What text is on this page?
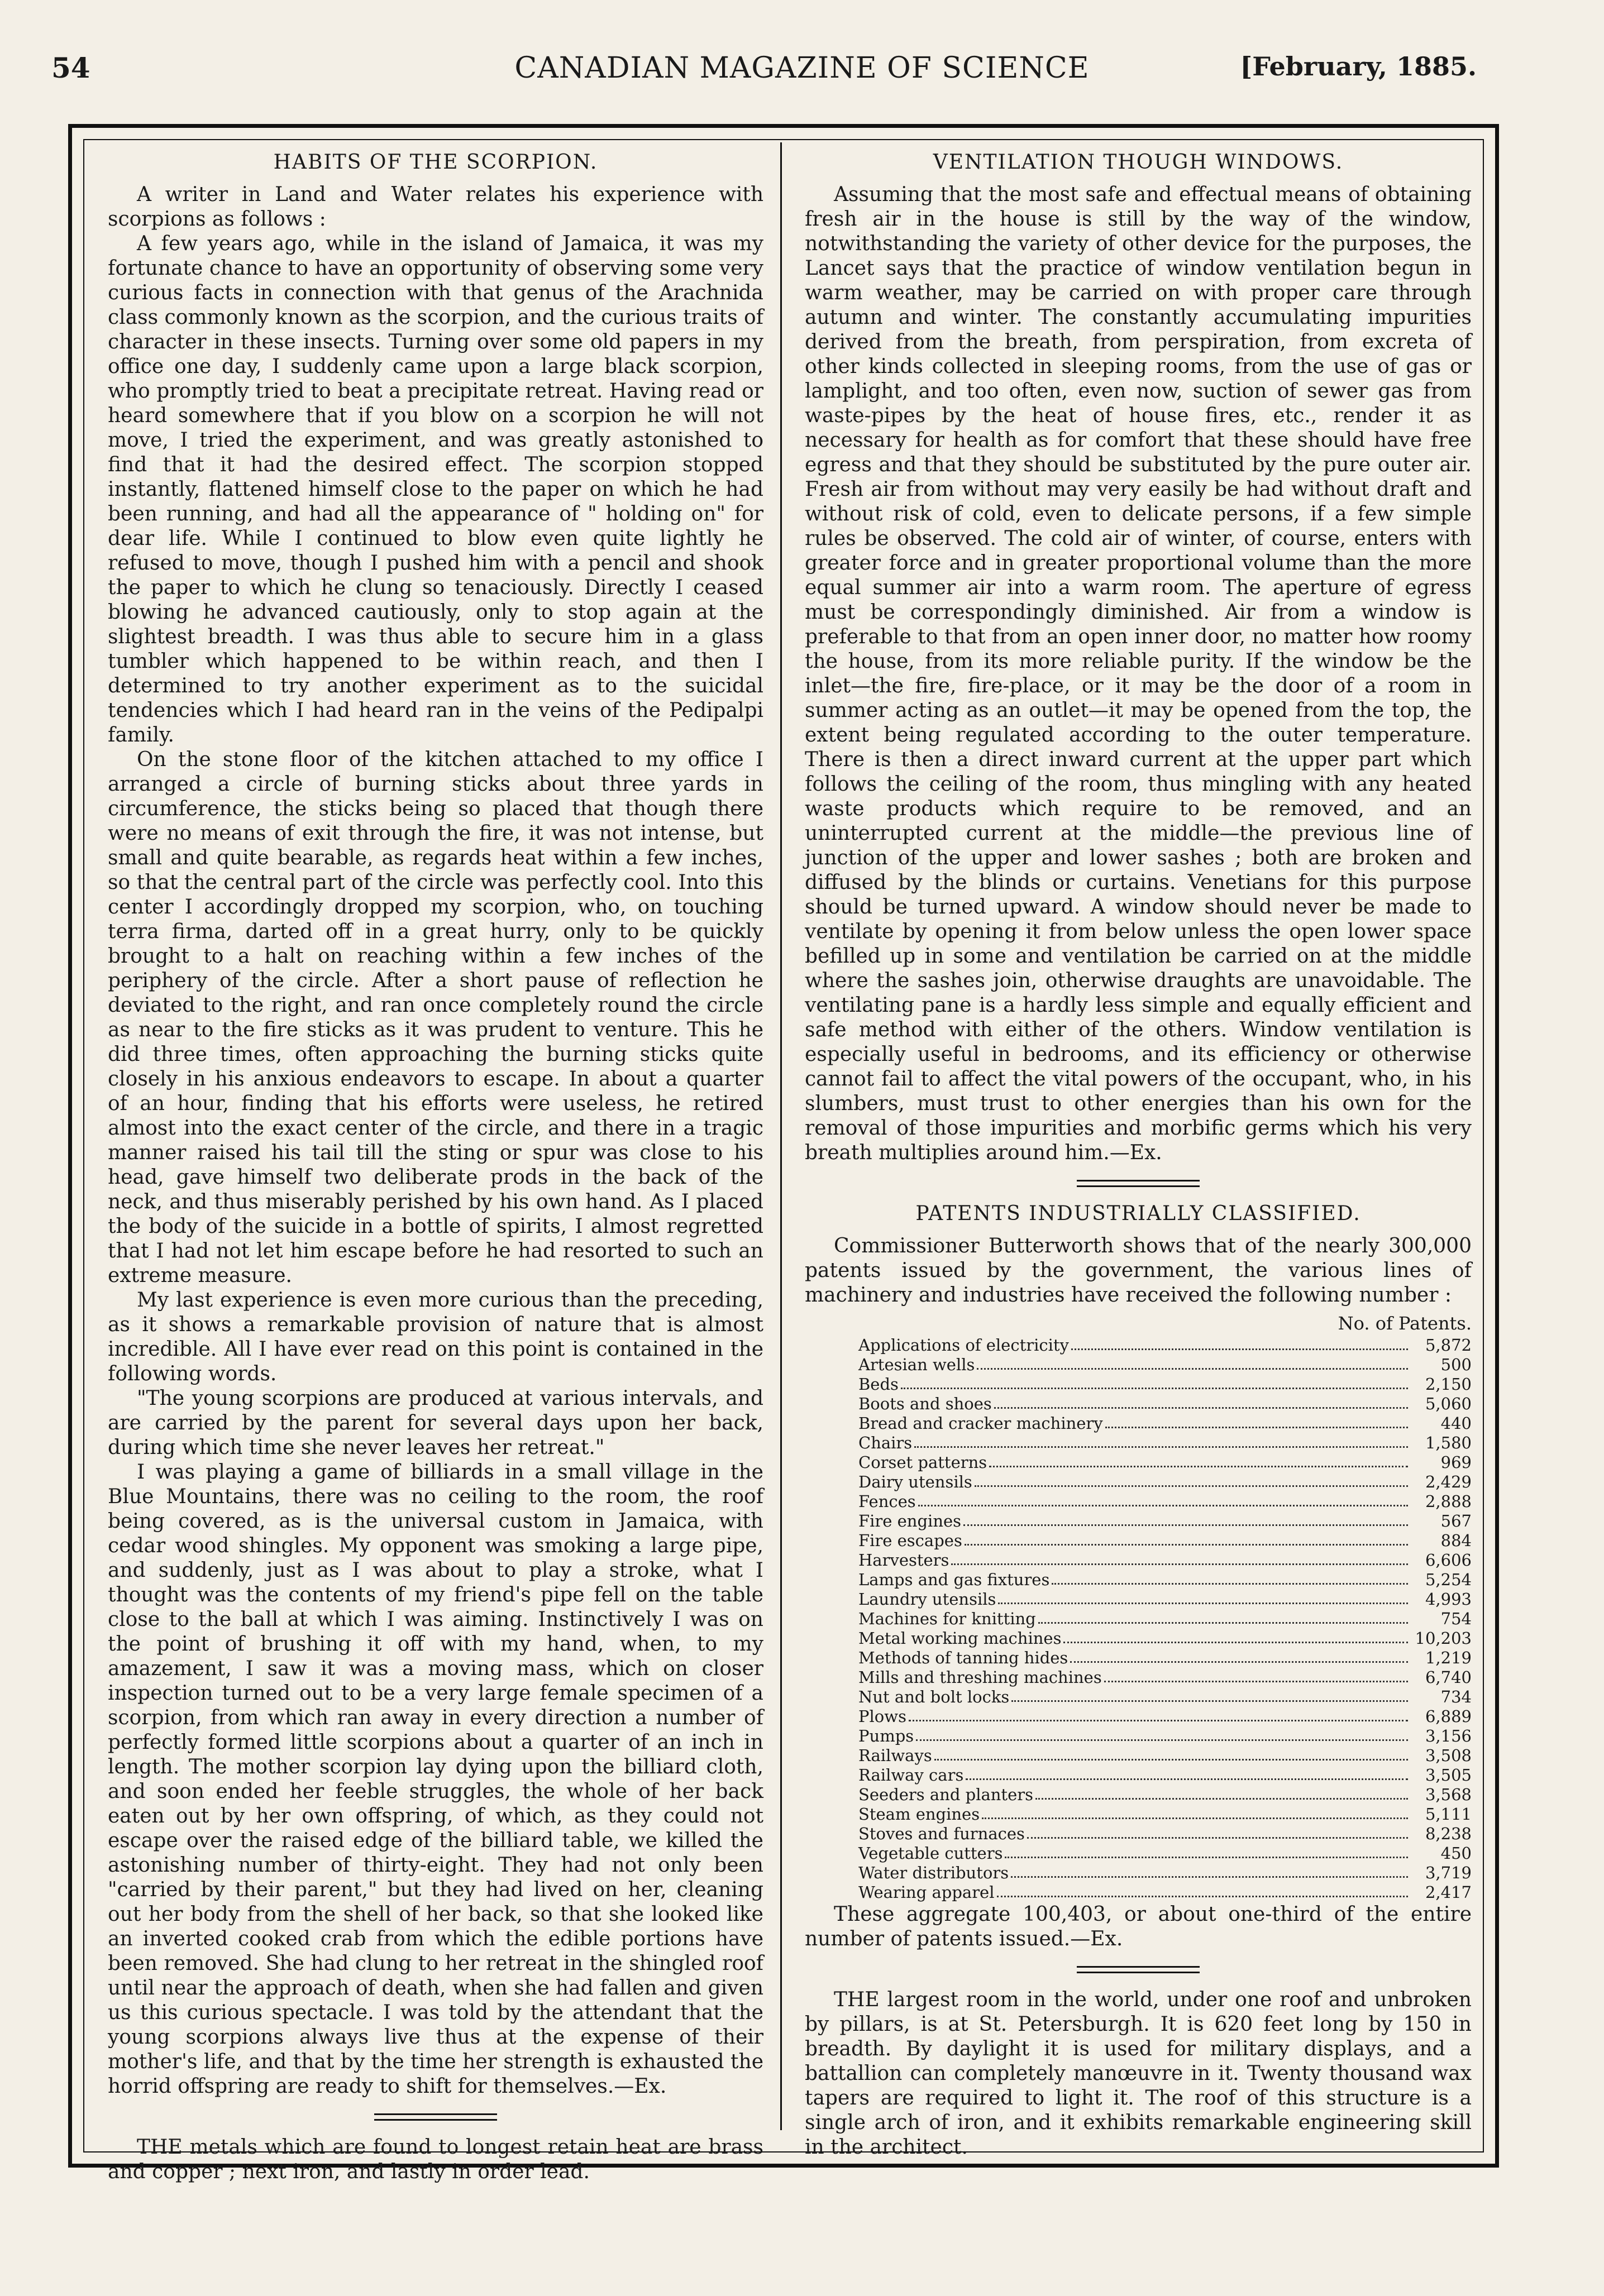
54	CANADIAN MAGAZINE OF SCIENCE	[February, 1885.
HABITS OF THE SCORPION.

A writer in Land and Water relates his experience with scorpions as follows :

A few years ago, while in the island of Jamaica, it was my fortunate chance to have an opportunity of observing some very curious facts in connection with that genus of the Arachnida class commonly known as the scorpion, and the curious traits of character in these insects. Turning over some old papers in my office one day, I suddenly came upon a large black scorpion, who promptly tried to beat a precipitate retreat. Having read or heard somewhere that if you blow on a scorpion he will not move, I tried the experiment, and was greatly astonished to find that it had the desired effect. The scorpion stopped instantly, flattened himself close to the paper on which he had been running, and had all the appearance of " holding on" for dear life. While I continued to blow even quite lightly he refused to move, though I pushed him with a pencil and shook the paper to which he clung so tenaciously. Directly I ceased blowing he advanced cautiously, only to stop again at the slightest breadth. I was thus able to secure him in a glass tumbler which happened to be within reach, and then I determined to try another experiment as to the suicidal tendencies which I had heard ran in the veins of the Pedipalpi family.

On the stone floor of the kitchen attached to my office I arranged a circle of burning sticks about three yards in circumference, the sticks being so placed that though there were no means of exit through the fire, it was not intense, but small and quite bearable, as regards heat within a few inches, so that the central part of the circle was perfectly cool. Into this center I accordingly dropped my scorpion, who, on touching terra firma, darted off in a great hurry, only to be quickly brought to a halt on reaching within a few inches of the periphery of the circle. After a short pause of reflection he deviated to the right, and ran once completely round the circle as near to the fire sticks as it was prudent to venture. This he did three times, often approaching the burning sticks quite closely in his anxious endeavors to escape. In about a quarter of an hour, finding that his efforts were useless, he retired almost into the exact center of the circle, and there in a tragic manner raised his tail till the sting or spur was close to his head, gave himself two deliberate prods in the back of the neck, and thus miserably perished by his own hand. As I placed the body of the suicide in a bottle of spirits, I almost regretted that I had not let him escape before he had resorted to such an extreme measure.

My last experience is even more curious than the preceding, as it shows a remarkable provision of nature that is almost incredible. All I have ever read on this point is contained in the following words.

"The young scorpions are produced at various intervals, and are carried by the parent for several days upon her back, during which time she never leaves her retreat."

I was playing a game of billiards in a small village in the Blue Mountains, there was no ceiling to the room, the roof being covered, as is the universal custom in Jamaica, with cedar wood shingles. My opponent was smoking a large pipe, and suddenly, just as I was about to play a stroke, what I thought was the contents of my friend's pipe fell on the table close to the ball at which I was aiming. Instinctively I was on the point of brushing it off with my hand, when, to my amazement, I saw it was a moving mass, which on closer inspection turned out to be a very large female specimen of a scorpion, from which ran away in every direction a number of perfectly formed little scorpions about a quarter of an inch in length. The mother scorpion lay dying upon the billiard cloth, and soon ended her feeble struggles, the whole of her back eaten out by her own offspring, of which, as they could not escape over the raised edge of the billiard table, we killed the astonishing number of thirty-eight. They had not only been "carried by their parent," but they had lived on her, cleaning out her body from the shell of her back, so that she looked like an inverted cooked crab from which the edible portions have been removed. She had clung to her retreat in the shingled roof until near the approach of death, when she had fallen and given us this curious spectacle. I was told by the attendant that the young scorpions always live thus at the expense of their mother's life, and that by the time her strength is exhausted the horrid offspring are ready to shift for themselves.—Ex.

THE metals which are found to longest retain heat are brass and copper ; next iron, and lastly in order lead.

VENTILATION THOUGH WINDOWS.

Assuming that the most safe and effectual means of obtaining fresh air in the house is still by the way of the window, notwithstanding the variety of other device for the purposes, the Lancet says that the practice of window ventilation begun in warm weather, may be carried on with proper care through autumn and winter. The constantly accumulating impurities derived from the breath, from perspiration, from excreta of other kinds collected in sleeping rooms, from the use of gas or lamplight, and too often, even now, suction of sewer gas from waste-pipes by the heat of house fires, etc., render it as necessary for health as for comfort that these should have free egress and that they should be substituted by the pure outer air. Fresh air from without may very easily be had without draft and without risk of cold, even to delicate persons, if a few simple rules be observed. The cold air of winter, of course, enters with greater force and in greater proportional volume than the more equal summer air into a warm room. The aperture of egress must be correspondingly diminished. Air from a window is preferable to that from an open inner door, no matter how roomy the house, from its more reliable purity. If the window be the inlet—the fire, fire-place, or it may be the door of a room in summer acting as an outlet—it may be opened from the top, the extent being regulated according to the outer temperature. There is then a direct inward current at the upper part which follows the ceiling of the room, thus mingling with any heated waste products which require to be removed, and an uninterrupted current at the middle—the previous line of junction of the upper and lower sashes ; both are broken and diffused by the blinds or curtains. Venetians for this purpose should be turned upward. A window should never be made to ventilate by opening it from below unless the open lower space befilled up in some and ventilation be carried on at the middle where the sashes join, otherwise draughts are unavoidable. The ventilating pane is a hardly less simple and equally efficient and safe method with either of the others. Window ventilation is especially useful in bedrooms, and its efficiency or otherwise cannot fail to affect the vital powers of the occupant, who, in his slumbers, must trust to other energies than his own for the removal of those impurities and morbific germs which his very breath multiplies around him.—Ex.

PATENTS INDUSTRIALLY CLASSIFIED.

Commissioner Butterworth shows that of the nearly 300,000 patents issued by the government, the various lines of machinery and industries have received the following number :

No. of Patents.
Applications of electricity	5,872
Artesian wells	500
Beds	2,150
Boots and shoes	5,060
Bread and cracker machinery	440
Chairs	1,580
Corset patterns	969
Dairy utensils	2,429
Fences	2,888
Fire engines	567
Fire escapes	884
Harvesters	6,606
Lamps and gas fixtures	5,254
Laundry utensils	4,993
Machines for knitting	754
Metal working machines	10,203
Methods of tanning hides	1,219
Mills and threshing machines	6,740
Nut and bolt locks	734
Plows	6,889
Pumps	3,156
Railways	3,508
Railway cars	3,505
Seeders and planters	3,568
Steam engines	5,111
Stoves and furnaces	8,238
Vegetable cutters	450
Water distributors	3,719
Wearing apparel	2,417

These aggregate 100,403, or about one-third of the entire number of patents issued.—Ex.

THE largest room in the world, under one roof and unbroken by pillars, is at St. Petersburgh. It is 620 feet long by 150 in breadth. By daylight it is used for military displays, and a battallion can completely manœuvre in it. Twenty thousand wax tapers are required to light it. The roof of this structure is a single arch of iron, and it exhibits remarkable engineering skill in the architect.
